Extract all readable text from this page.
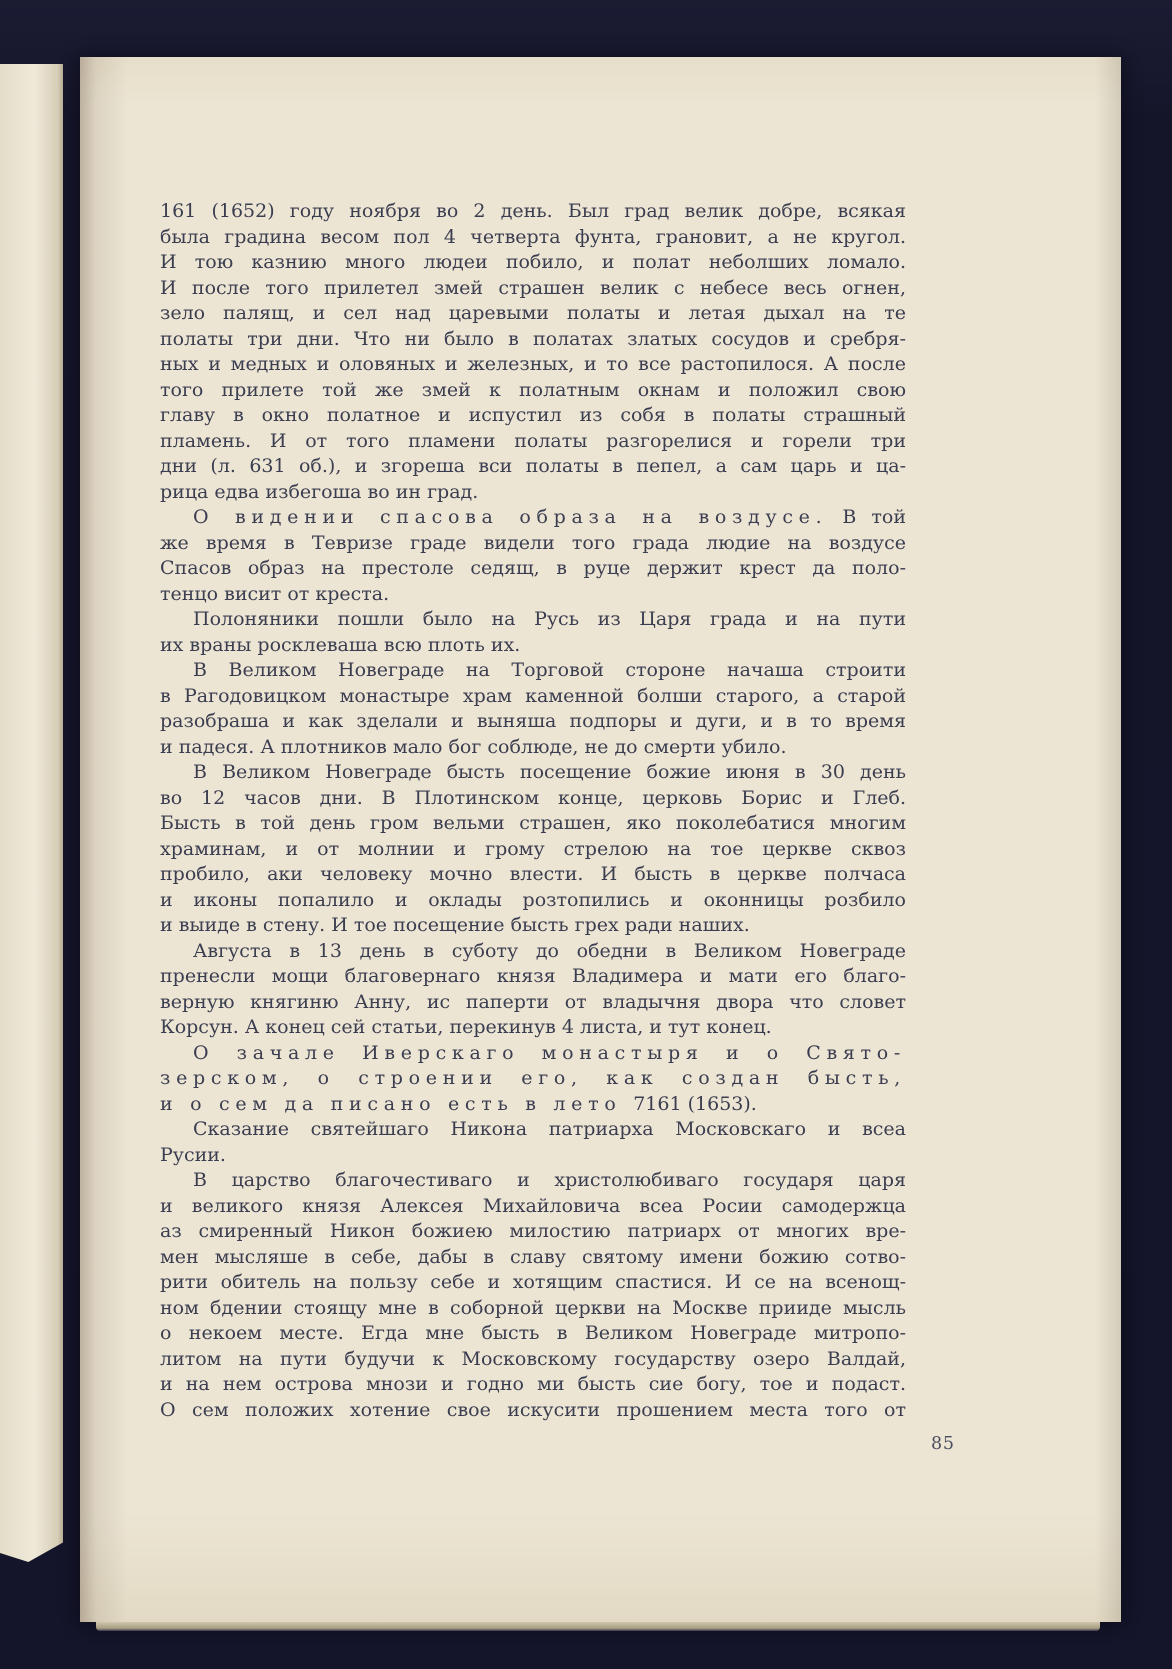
161 (1652) году ноября во 2 день. Был град велик добре, всякая
была градина весом пол 4 четверта фунта, грановит, а не кругол.
И тою казнию много людеи побило, и полат неболших ломало.
И после того прилетел змей страшен велик с небесе весь огнен,
зело палящ, и сел над царевыми полаты и летая дыхал на те
полаты три дни. Что ни было в полатах златых сосудов и сребря-
ных и медных и оловяных и железных, и то все растопилося. А после
того прилете той же змей к полатным окнам и положил свою
главу в окно полатное и испустил из собя в полаты страшный
пламень. И от того пламени полаты разгорелися и горели три
дни (л. 631 об.), и згореша вси полаты в пепел, а сам царь и ца-
рица едва избегоша во ин град.
О видении спасова образа на воздусе. В той
же время в Тевризе граде видели того града людие на воздусе
Спасов образ на престоле седящ, в руце держит крест да поло-
тенцо висит от креста.
Полоняники пошли было на Русь из Царя града и на пути
их враны росклеваша всю плоть их.
В Великом Новеграде на Торговой стороне начаша строити
в Рагодовицком монастыре храм каменной болши старого, а старой
разобраша и как зделали и выняша подпоры и дуги, и в то время
и падеся. А плотников мало бог соблюде, не до смерти убило.
В Великом Новеграде бысть посещение божие июня в 30 день
во 12 часов дни. В Плотинском конце, церковь Борис и Глеб.
Бысть в той день гром вельми страшен, яко поколебатися многим
храминам, и от молнии и грому стрелою на тое церкве сквоз
пробило, аки человеку мочно влести. И бысть в церкве полчаса
и иконы попалило и оклады розтопились и оконницы розбило
и выиде в стену. И тое посещение бысть грех ради наших.
Августа в 13 день в суботу до обедни в Великом Новеграде
пренесли мощи благовернаго князя Владимера и мати его благо-
верную княгиню Анну, ис паперти от владычня двора что словет
Корсун. А конец сей статьи, перекинув 4 листа, и тут конец.
О зачале Иверскаго монастыря и о Свято-
зерском, о строении его, как создан бысть,
и о сем да писано есть в лето 7161 (1653).
Сказание святейшаго Никона патриарха Московскаго и всеа
Русии.
В царство благочестиваго и христолюбиваго государя царя
и великого князя Алексея Михайловича всеа Росии самодержца
аз смиренный Никон божиею милостию патриарх от многих вре-
мен мысляше в себе, дабы в славу святому имени божию сотво-
рити обитель на пользу себе и хотящим спастися. И се на всенощ-
ном бдении стоящу мне в соборной церкви на Москве прииде мысль
о некоем месте. Егда мне бысть в Великом Новеграде митропо-
литом на пути будучи к Московскому государству озеро Валдай,
и на нем острова мнози и годно ми бысть сие богу, тое и подаст.
О сем положих хотение свое искусити прошением места того от
85
